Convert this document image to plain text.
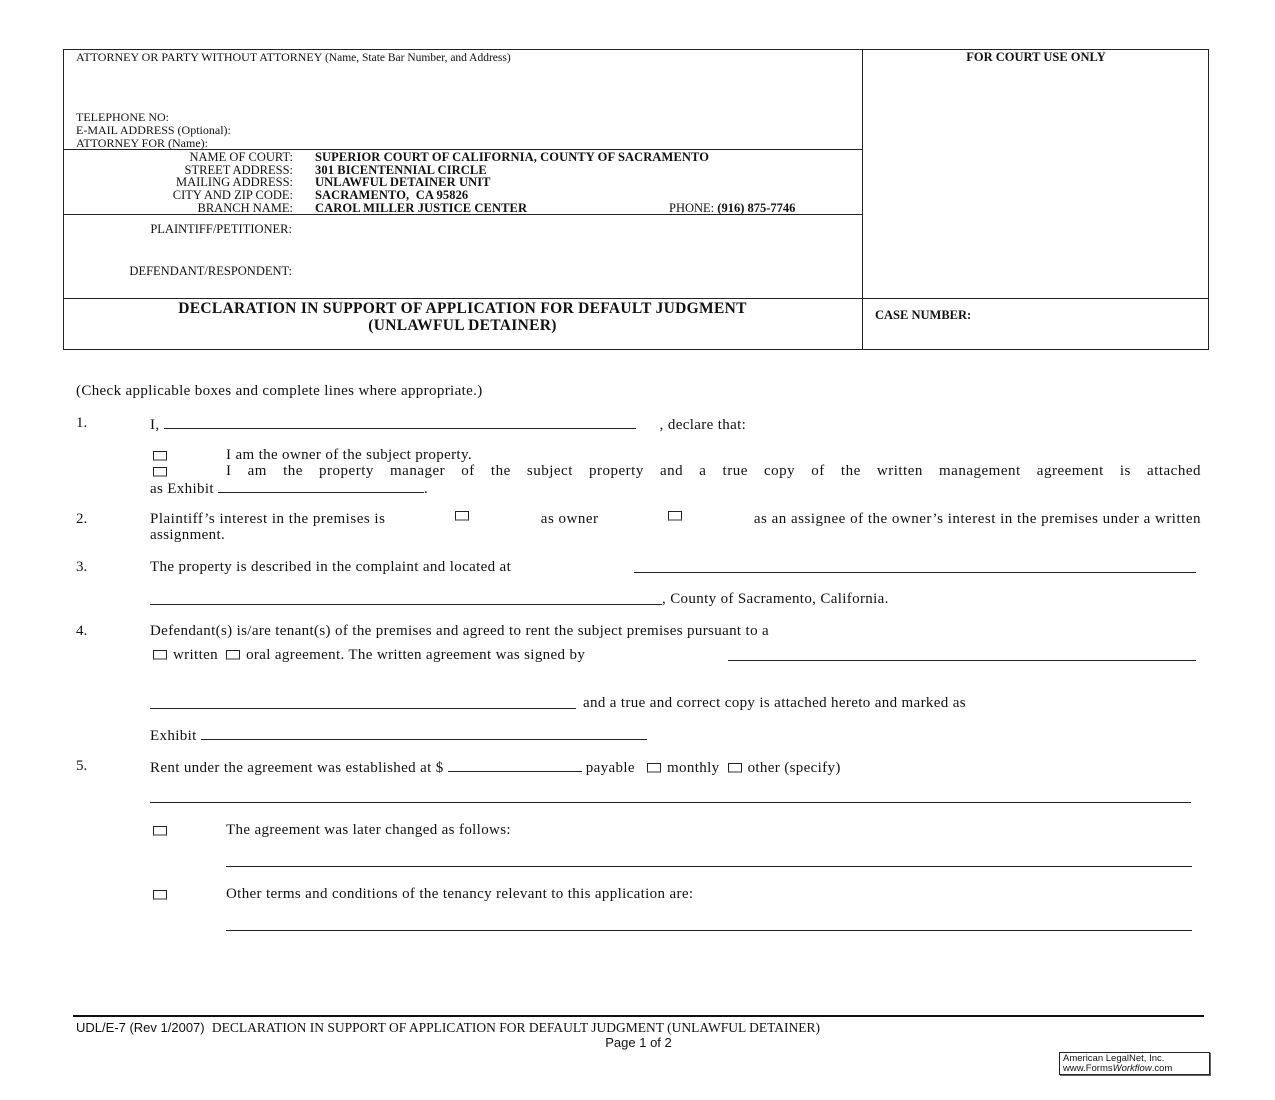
ATTORNEY OR PARTY WITHOUT ATTORNEY (Name, State Bar Number, and Address)
TELEPHONE NO:
E-MAIL ADDRESS (Optional):
ATTORNEY FOR (Name):
FOR COURT USE ONLY
NAME OF COURT: SUPERIOR COURT OF CALIFORNIA, COUNTY OF SACRAMENTO
STREET ADDRESS: 301 BICENTENNIAL CIRCLE
MAILING ADDRESS: UNLAWFUL DETAINER UNIT
CITY AND ZIP CODE: SACRAMENTO,  CA 95826
BRANCH NAME: CAROL MILLER JUSTICE CENTER	PHONE: (916) 875-7746
PLAINTIFF/PETITIONER:
DEFENDANT/RESPONDENT:
DECLARATION IN SUPPORT OF APPLICATION FOR DEFAULT JUDGMENT
(UNLAWFUL DETAINER)
CASE NUMBER:
(Check applicable boxes and complete lines where appropriate.)
1.	I,	, declare that:
I am the owner of the subject property.
I am the property manager of the subject property and a true copy of the written management agreement is attached
as Exhibit	.
2.	Plaintiff’s interest in the premises is	as owner	as an assignee of the owner’s interest in the premises under a written
assignment.
3.	The property is described in the complaint and located at
, County of Sacramento, California.
4.	Defendant(s) is/are tenant(s) of the premises and agreed to rent the subject premises pursuant to a
written oral agreement. The written agreement was signed by
and a true and correct copy is attached hereto and marked as
Exhibit
5.	Rent under the agreement was established at $	payable monthly other (specify)
The agreement was later changed as follows:
Other terms and conditions of the tenancy relevant to this application are:
UDL/E-7 (Rev 1/2007) DECLARATION IN SUPPORT OF APPLICATION FOR DEFAULT JUDGMENT (UNLAWFUL DETAINER)
Page 1 of 2
American LegalNet, Inc.
www.FormsWorkflow.com
